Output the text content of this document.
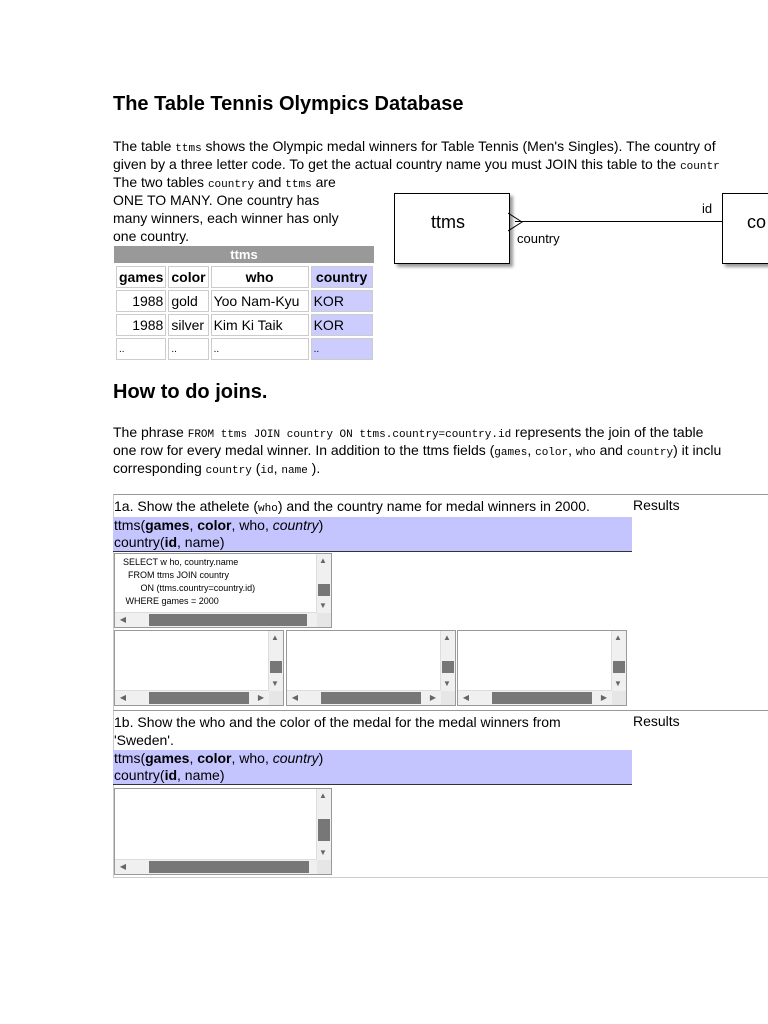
The Table Tennis Olympics Database
The table ttms shows the Olympic medal winners for Table Tennis (Men's Singles). The country of
given by a three letter code. To get the actual country name you must JOIN this table to the countr
The two tables country and ttms are
ONE TO MANY. One country has
many winners, each winner has only
one country.
ttms
games	color	who	country
1988	gold	Yoo Nam-Kyu	KOR
1988	silver	Kim Ki Taik	KOR
..	..	..	..
ttms
country
id
co
How to do joins.
The phrase FROM ttms JOIN country ON ttms.country=country.id represents the join of the table
one row for every medal winner. In addition to the ttms fields (games, color, who and country) it inclu
corresponding country (id, name ).
1a. Show the athelete (who) and the country name for medal winners in 2000.	Results
ttms(games, color, who, country)
country(id, name)
SELECT w ho, country.name
FROM ttms JOIN country
ON (ttms.country=country.id)
WHERE games = 2000
▲
▼
◀
▲
▼
◀	▶
▲
▼
◀	▶
▲
▼
◀	▶
1b. Show the who and the color of the medal for the medal winners from
'Sweden'.
Results
ttms(games, color, who, country)
country(id, name)
▲
▼
◀
